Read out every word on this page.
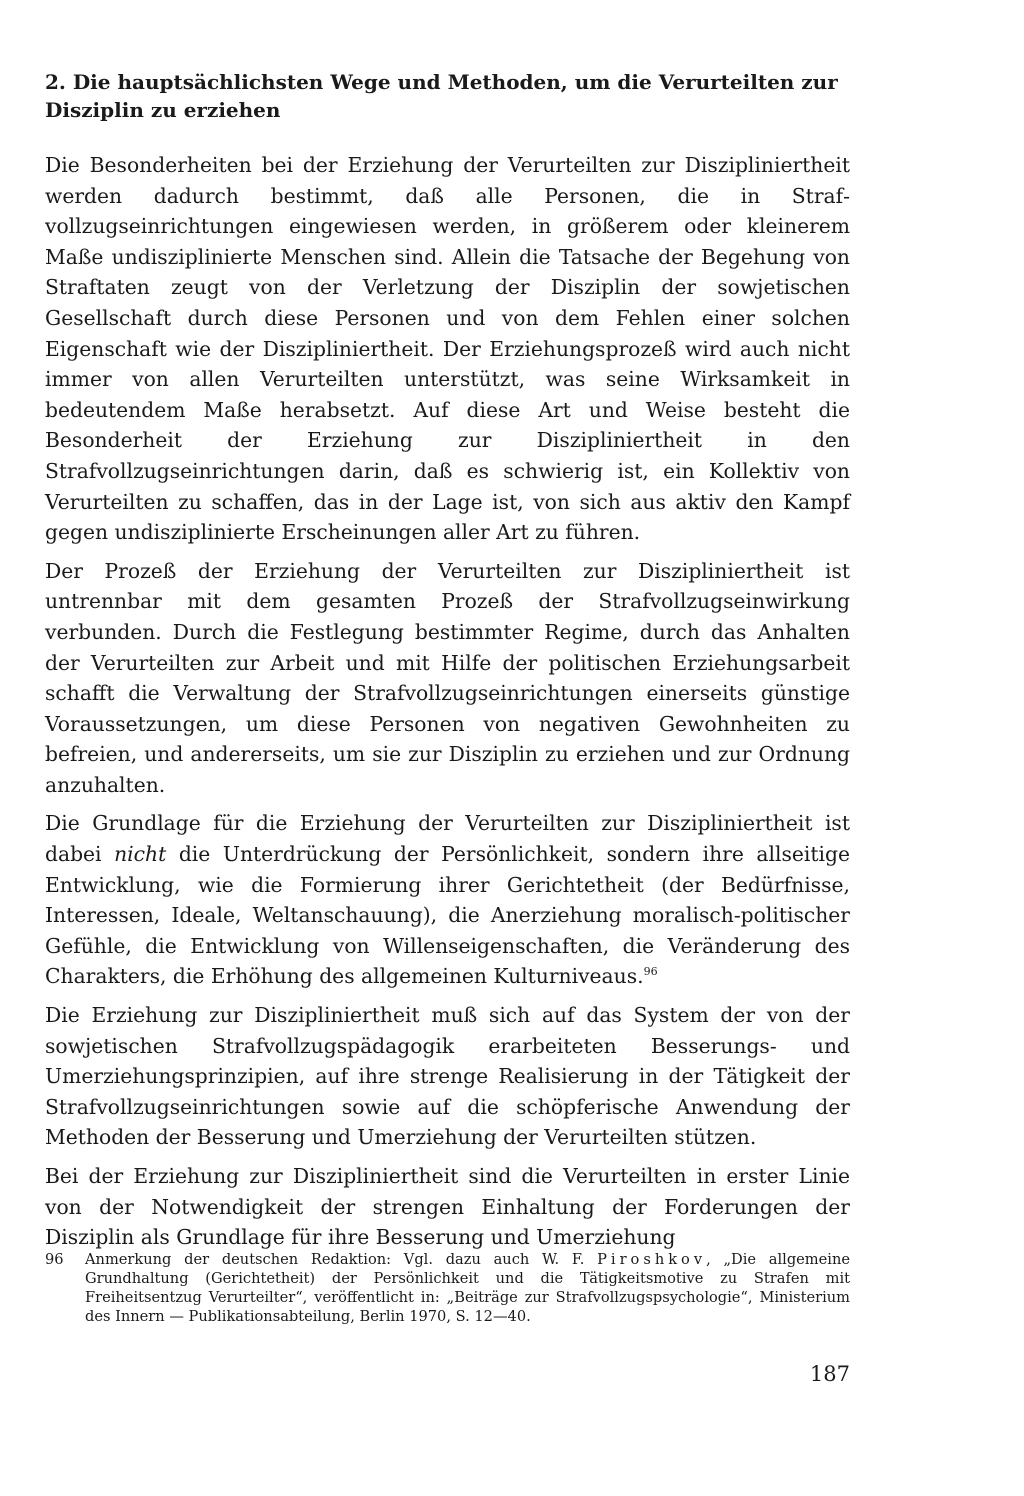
2. Die hauptsächlichsten Wege und Methoden, um die Verurteilten zur Disziplin zu erziehen

Die Besonderheiten bei der Erziehung der Verurteilten zur Diszipliniertheit werden dadurch bestimmt, daß alle Personen, die in Strafvollzugseinrichtungen eingewiesen werden, in größerem oder kleinerem Maße undisziplinierte Menschen sind. Allein die Tatsache der Begehung von Straftaten zeugt von der Verletzung der Disziplin der sowjetischen Gesellschaft durch diese Personen und von dem Fehlen einer solchen Eigenschaft wie der Diszipliniertheit. Der Erziehungsprozeß wird auch nicht immer von allen Verurteilten unterstützt, was seine Wirksamkeit in bedeutendem Maße herabsetzt. Auf diese Art und Weise besteht die Besonderheit der Erziehung zur Diszipliniertheit in den Strafvollzugseinrichtungen darin, daß es schwierig ist, ein Kollektiv von Verurteilten zu schaffen, das in der Lage ist, von sich aus aktiv den Kampf gegen undisziplinierte Erscheinungen aller Art zu führen.

Der Prozeß der Erziehung der Verurteilten zur Diszipliniertheit ist untrennbar mit dem gesamten Prozeß der Strafvollzugseinwirkung verbunden. Durch die Festlegung bestimmter Regime, durch das Anhalten der Verurteilten zur Arbeit und mit Hilfe der politischen Erziehungsarbeit schafft die Verwaltung der Strafvollzugseinrichtungen einerseits günstige Voraussetzungen, um diese Personen von negativen Gewohnheiten zu befreien, und andererseits, um sie zur Disziplin zu erziehen und zur Ordnung anzuhalten.

Die Grundlage für die Erziehung der Verurteilten zur Diszipliniertheit ist dabei nicht die Unterdrückung der Persönlichkeit, sondern ihre allseitige Entwicklung, wie die Formierung ihrer Gerichtetheit (der Bedürfnisse, Interessen, Ideale, Weltanschauung), die Anerziehung moralisch-politischer Gefühle, die Entwicklung von Willenseigenschaften, die Veränderung des Charakters, die Erhöhung des allgemeinen Kulturniveaus.$^{96}$

Die Erziehung zur Diszipliniertheit muß sich auf das System der von der sowjetischen Strafvollzugspädagogik erarbeiteten Besserungs- und Umerziehungsprinzipien, auf ihre strenge Realisierung in der Tätigkeit der Strafvollzugseinrichtungen sowie auf die schöpferische Anwendung der Methoden der Besserung und Umerziehung der Verurteilten stützen.

Bei der Erziehung zur Diszipliniertheit sind die Verurteilten in erster Linie von der Notwendigkeit der strengen Einhaltung der Forderungen der Disziplin als Grundlage für ihre Besserung und Umerziehung

96	Anmerkung der deutschen Redaktion: Vgl. dazu auch W. F. Piroshkov, „Die allgemeine Grundhaltung (Gerichtetheit) der Persönlichkeit und die Tätigkeitsmotive zu Strafen mit Freiheitsentzug Verurteilter“, veröffentlicht in: „Beiträge zur Strafvollzugspsychologie“, Ministerium des Innern — Publikationsabteilung, Berlin 1970, S. 12—40.
187
